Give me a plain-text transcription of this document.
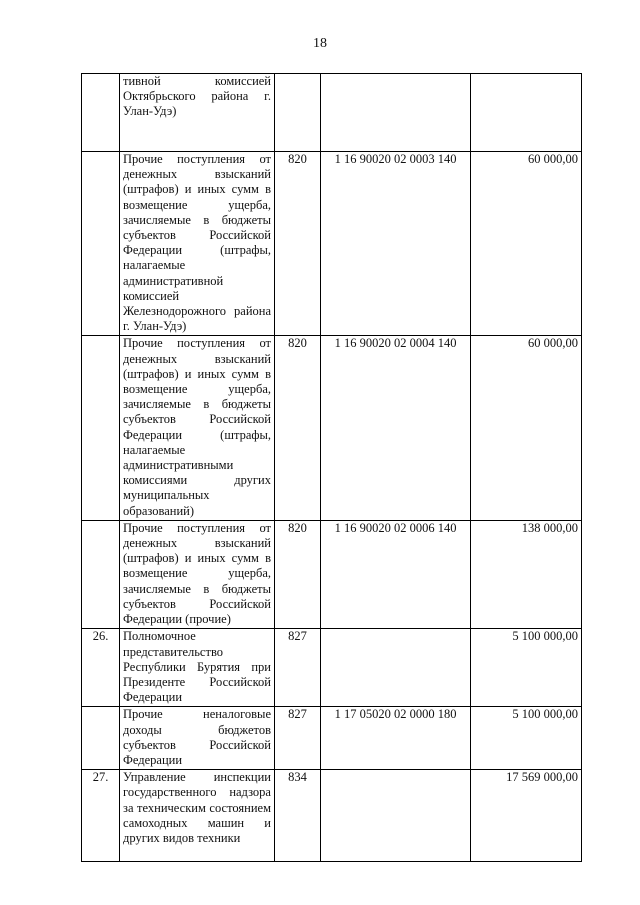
18
	тивной комиссией Октябрьского района г. Улан-Удэ)			
	Прочие поступления от денежных взысканий (штрафов) и иных сумм в возмещение ущерба, зачисляемые в бюджеты субъектов Российской Федерации (штрафы, налагаемые административной комиссией Железнодорожного района г. Улан-Удэ)	820	1 16 90020 02 0003 140	60 000,00
	Прочие поступления от денежных взысканий (штрафов) и иных сумм в возмещение ущерба, зачисляемые в бюджеты субъектов Российской Федерации (штрафы, налагаемые административными комиссиями других муниципальных образований)	820	1 16 90020 02 0004 140	60 000,00
	Прочие поступления от денежных взысканий (штрафов) и иных сумм в возмещение ущерба, зачисляемые в бюджеты субъектов Российской Федерации (прочие)	820	1 16 90020 02 0006 140	138 000,00
26.	Полномочное представительство Республики Бурятия при Президенте Российской Федерации	827		5 100 000,00
	Прочие неналоговые доходы бюджетов субъектов Российской Федерации	827	1 17 05020 02 0000 180	5 100 000,00
27.	Управление инспекции государственного надзора за техническим состоянием самоходных машин и других видов техники	834		17 569 000,00
